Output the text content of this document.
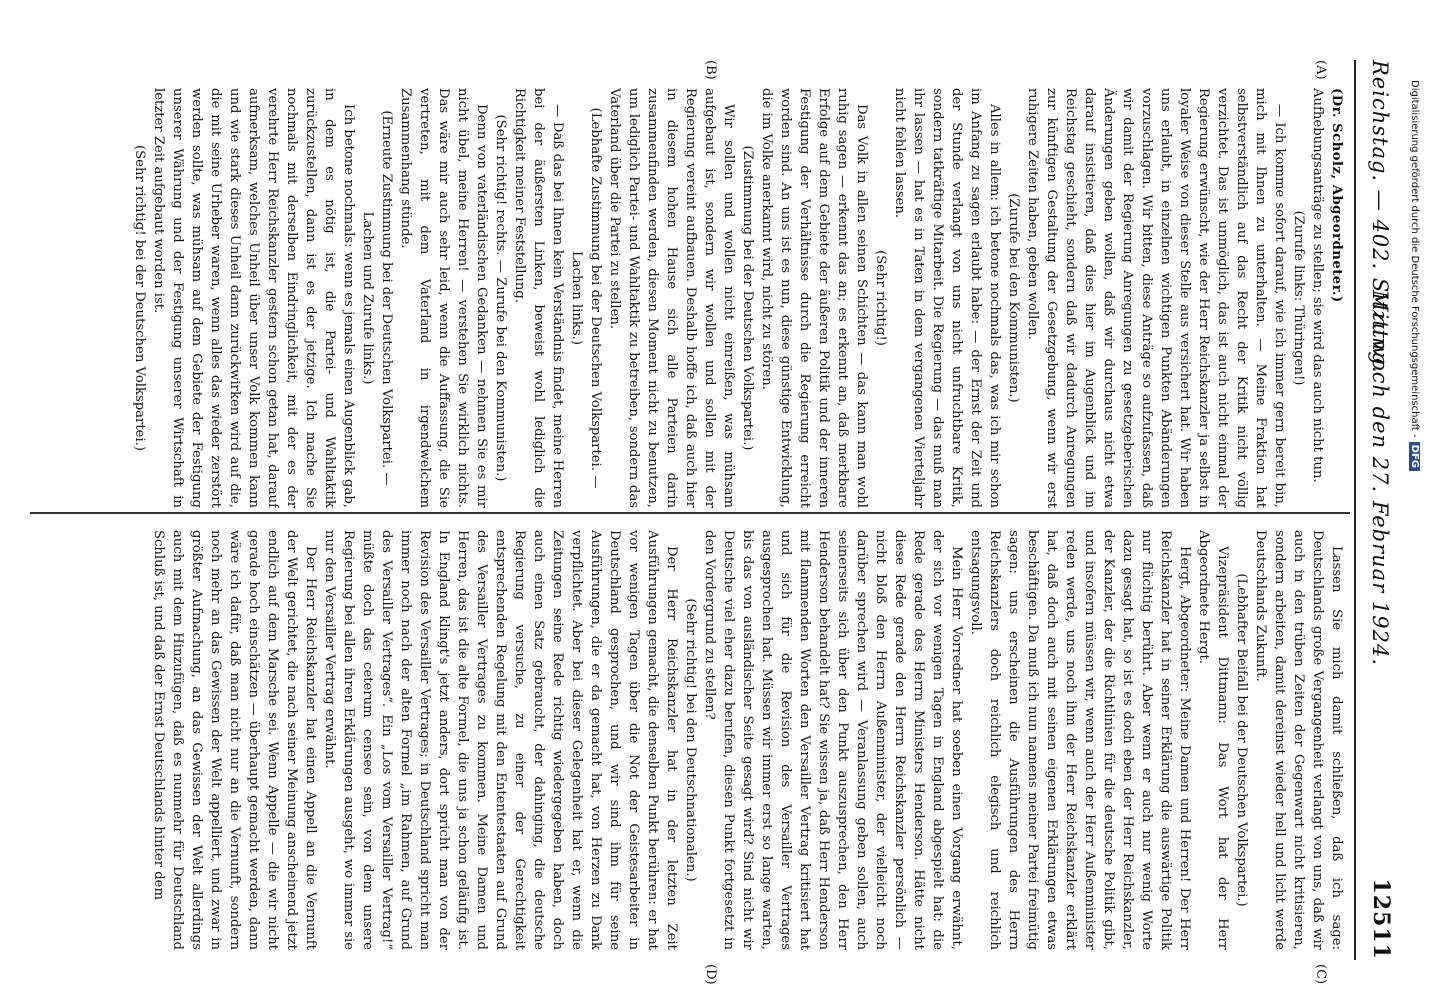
Reichstag. — 402. Sitzung.
Mittwoch den 27. Februar 1924.
12511
(A)
(B)
(C)
(D)

(Dr. Scholz, Abgeordneter.)

Aufhebungsanträge zu stellen; sie wird das auch nicht tun.

(Zurufe links: Thüringen!)

— Ich komme sofort darauf, wie ich immer gern bereit bin, mich mit Ihnen zu unterhalten. — Meine Fraktion hat selbstverständlich auf das Recht der Kritik nicht völlig verzichtet. Das ist unmöglich, das ist auch nicht einmal der Regierung erwünscht, wie der Herr Reichskanzler ja selbst in loyaler Weise von dieser Stelle aus versichert hat. Wir haben uns erlaubt, in einzelnen wichtigen Punkten Abänderungen vorzuschlagen. Wir bitten, diese Anträge so aufzufassen, daß wir damit der Regierung Anregungen zu gesetzgeberischen Änderungen geben wollen, daß wir durchaus nicht etwa darauf insistieren, daß dies hier im Augenblick und im Reichstag geschieht, sondern daß wir dadurch Anregungen zur künftigen Gestaltung der Gesetzgebung, wenn wir erst ruhigere Zeiten haben, geben wollen.

(Zurufe bei den Kommunisten.)

Alles in allem: ich betone nochmals das, was ich mir schon im Anfang zu sagen erlaubt habe: — der Ernst der Zeit und der Stunde verlangt von uns nicht unfruchtbare Kritik, sondern tatkräftige Mitarbeit. Die Regierung — das muß man ihr lassen — hat es in Taten in dem vergangenen Vierteljahr nicht fehlen lassen.

(Sehr richtig!)

Das Volk in allen seinen Schichten — das kann man wohl ruhig sagen — erkennt das an; es erkennt an, daß merkbare Erfolge auf dem Gebiete der äußeren Politik und der inneren Festigung der Verhältnisse durch die Regierung erreicht worden sind. An uns ist es nun, diese günstige Entwicklung, die im Volke anerkannt wird, nicht zu stören.

(Zustimmung bei der Deutschen Volkspartei.)

Wir sollen und wollen nicht einreißen, was mühsam aufgebaut ist, sondern wir wollen und sollen mit der Regierung vereint aufbauen. Deshalb hoffe ich, daß auch hier in diesem hohen Hause sich alle Parteien darin zusammenfinden werden, diesen Moment nicht zu benutzen, um lediglich Partei- und Wahltaktik zu betreiben, sondern das Vaterland über die Partei zu stellen.

(Lebhafte Zustimmung bei der Deutschen Volkspartei. — Lachen links.)

— Daß das bei Ihnen kein Verständnis findet, meine Herren bei der äußersten Linken, beweist wohl lediglich die Richtigkeit meiner Feststellung.

(Sehr richtig! rechts. — Zurufe bei den Kommunisten.)

Denn von vaterländischen Gedanken — nehmen Sie es mir nicht übel, meine Herren! — verstehen Sie wirklich nichts. Das wäre mir auch sehr leid, wenn die Auffassung, die Sie vertreten, mit dem Vaterland in irgendwelchem Zusammenhang stünde.

(Erneute Zustimmung bei der Deutschen Volkspartei. — Lachen und Zurufe links.)

Ich betone nochmals: wenn es jemals einen Augenblick gab, in dem es nötig ist, die Partei- und Wahltaktik zurückzustellen, dann ist es der jetzige. Ich mache Sie nochmals mit derselben Eindringlichkeit, mit der es der verehrte Herr Reichskanzler gestern schon getan hat, darauf aufmerksam, welches Unheil über unser Volk kommen kann und wie stark dieses Unheil dann zurückwirken wird auf die, die mit seine Urheber waren, wenn alles das wieder zerstört werden sollte, was mühsam auf dem Gebiete der Festigung unserer Währung und der Festigung unserer Wirtschaft in letzter Zeit aufgebaut worden ist.

(Sehr richtig! bei der Deutschen Volkspartei.)

Lassen Sie mich damit schließen, daß ich sage: Deutschlands große Vergangenheit verlangt von uns, daß wir auch in den trüben Zeiten der Gegenwart nicht kritisieren, sondern arbeiten, damit dereinst wieder hell und licht werde Deutschlands Zukunft.

(Lebhafter Beifall bei der Deutschen Volkspartei.)

Vizepräsident Dittmann: Das Wort hat der Herr Abgeordnete Hergt.

Hergt, Abgeordneter: Meine Damen und Herren! Der Herr Reichskanzler hat in seiner Erklärung die auswärtige Politik nur flüchtig berührt. Aber wenn er auch nur wenig Worte dazu gesagt hat, so ist es doch eben der Herr Reichskanzler, der Kanzler, der die Richtlinien für die deutsche Politik gibt, und insofern müssen wir, wenn auch der Herr Außenminister reden werde, uns noch ihm der Herr Reichskanzler erklärt hat, daß doch auch mit seinen eigenen Erklärungen etwas beschäftigen. Da muß ich nun namens meiner Partei freimütig sagen: uns erscheinen die Ausführungen des Herrn Reichskanzlers doch reichlich elegisch und reichlich entsagungsvoll.

Mein Herr Vorredner hat soeben einen Vorgang erwähnt, der sich vor wenigen Tagen in England abgespielt hat: die Rede gerade des Herrn Ministers Henderson. Hätte nicht diese Rede gerade den Herrn Reichskanzler persönlich — nicht bloß den Herrn Außenminister, der vielleicht noch darüber sprechen wird — Veranlassung geben sollen, auch seinerseits sich über den Punkt auszusprechen, den Herr Henderson behandelt hat? Sie wissen ja, daß Herr Henderson mit flammenden Worten den Versailler Vertrag kritisiert hat und sich für die Revision des Versailler Vertrages ausgesprochen hat. Müssen wir immer erst so lange warten, bis das von ausländischer Seite gesagt wird? Sind nicht wir Deutsche viel eher dazu berufen, diesen Punkt fortgesetzt in den Vordergrund zu stellen?

(Sehr richtig! bei den Deutschnationalen.)

Der Herr Reichskanzler hat in der letzten Zeit Ausführungen gemacht, die denselben Punkt berühren: er hat vor wenigen Tagen über die Not der Geistesarbeiter in Deutschland gesprochen, und wir sind ihm für seine Ausführungen, die er da gemacht hat, von Herzen zu Dank verpflichtet. Aber bei dieser Gelegenheit hat er, wenn die Zeitungen seine Rede richtig wiedergegeben haben, doch auch einen Satz gebraucht, der dahinging, die deutsche Regierung versuche, zu einer der Gerechtigkeit entsprechenden Regelung mit den Ententestaaten auf Grund des Versailler Vertrages zu kommen. Meine Damen und Herren, das ist die alte Formel, die uns ja schon geläufig ist. In England klingt's jetzt anders, dort spricht man von der Revision des Versailler Vertrages; in Deutschland spricht man immer noch nach der alten Formel „im Rahmen, auf Grund des Versailler Vertrages“. Ein „Los vom Versailler Vertrag!“ müßte doch das ceterum censeo sein, von dem unsere Regierung bei allen ihren Erklärungen ausgeht, wo immer sie nur den Versailler Vertrag erwähnt.

Der Herr Reichskanzler hat einen Appell an die Vernunft der Welt gerichtet, die nach seiner Meinung anscheinend jetzt endlich auf dem Marsche sei. Wenn Appelle — die wir nicht gerade hoch einschätzen — überhaupt gemacht werden, dann wäre ich dafür, daß man nicht nur an die Vernunft, sondern noch mehr an das Gewissen der Welt appelliert, und zwar in größter Aufmachung, an das Gewissen der Welt allerdings auch mit dem Hinzufügen, daß es nunmehr für Deutschland Schluß ist, und daß der Ernst Deutschlands hinter dem

Digitalisierung gefördert durch die Deutsche Forschungsgemeinschaft -DFG
